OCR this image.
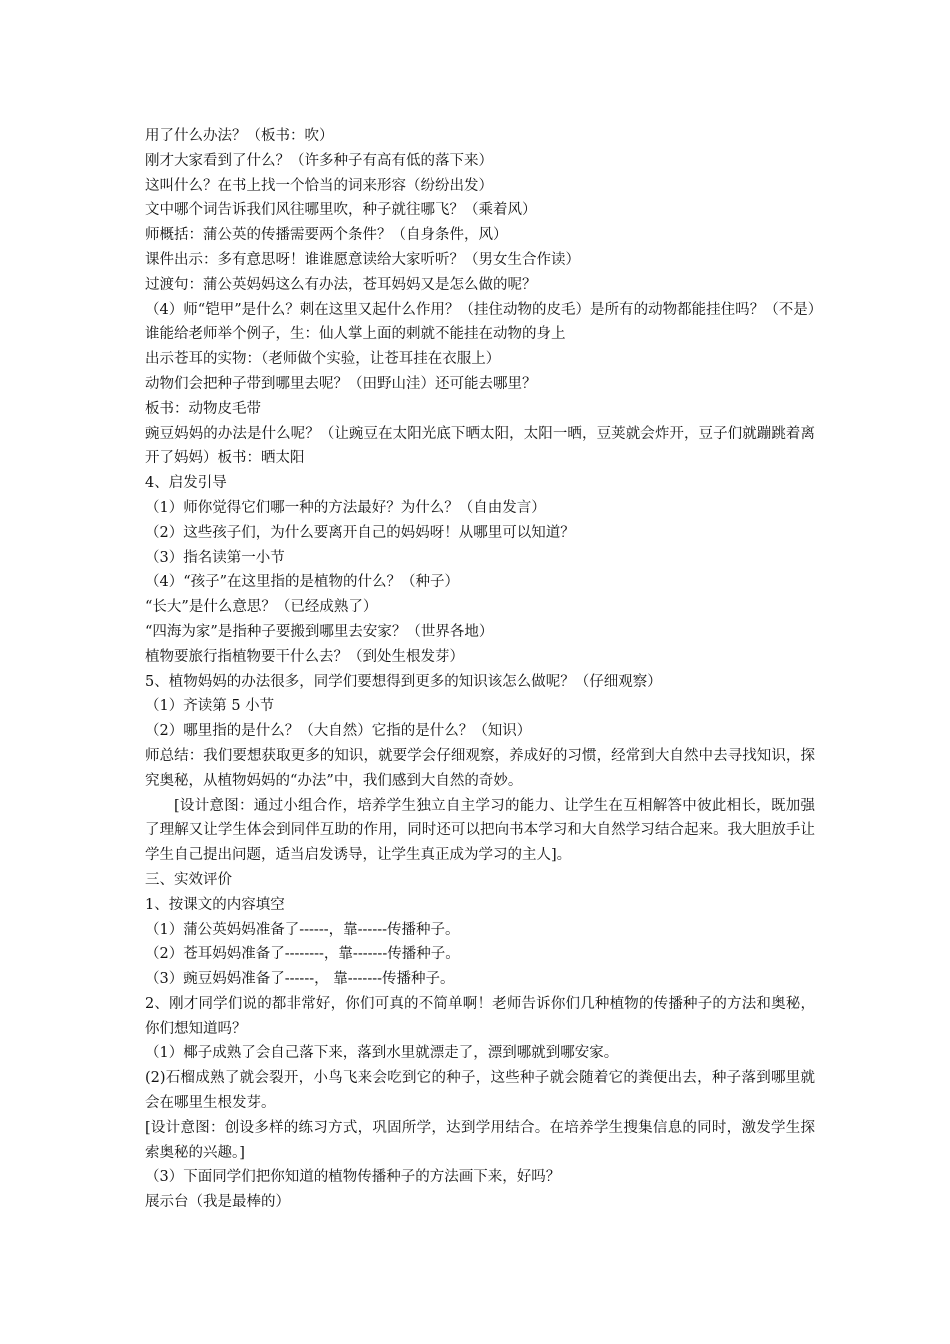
用了什么办法？（板书：吹）
刚才大家看到了什么？（许多种子有高有低的落下来）
这叫什么？在书上找一个恰当的词来形容（纷纷出发）
文中哪个词告诉我们风往哪里吹，种子就往哪飞？（乘着风）
师概括：蒲公英的传播需要两个条件？（自身条件，风）
课件出示：多有意思呀！谁谁愿意读给大家听听？（男女生合作读）
过渡句：蒲公英妈妈这么有办法，苍耳妈妈又是怎么做的呢？
（4）师“铠甲”是什么？刺在这里又起什么作用？（挂住动物的皮毛）是所有的动物都能挂住吗？（不是）谁能给老师举个例子，生：仙人掌上面的刺就不能挂在动物的身上
出示苍耳的实物：（老师做个实验，让苍耳挂在衣服上）
动物们会把种子带到哪里去呢？（田野山洼）还可能去哪里？
板书：动物皮毛带
豌豆妈妈的办法是什么呢？（让豌豆在太阳光底下晒太阳，太阳一晒，豆荚就会炸开，豆子们就蹦跳着离开了妈妈）板书：晒太阳
4、启发引导
（1）师你觉得它们哪一种的方法最好？为什么？（自由发言）
（2）这些孩子们，为什么要离开自己的妈妈呀！从哪里可以知道？
（3）指名读第一小节
（4）“孩子”在这里指的是植物的什么？（种子）
“长大”是什么意思？（已经成熟了）
“四海为家”是指种子要搬到哪里去安家？（世界各地）
植物要旅行指植物要干什么去？（到处生根发芽）
5、植物妈妈的办法很多，同学们要想得到更多的知识该怎么做呢？（仔细观察）
（1）齐读第 5 小节
（2）哪里指的是什么？（大自然）它指的是什么？（知识）
师总结：我们要想获取更多的知识，就要学会仔细观察，养成好的习惯，经常到大自然中去寻找知识，探究奥秘，从植物妈妈的“办法”中，我们感到大自然的奇妙。
[设计意图：通过小组合作，培养学生独立自主学习的能力、让学生在互相解答中彼此相长，既加强了理解又让学生体会到同伴互助的作用，同时还可以把向书本学习和大自然学习结合起来。我大胆放手让学生自己提出问题，适当启发诱导，让学生真正成为学习的主人]。
三、实效评价
1、按课文的内容填空
（1）蒲公英妈妈准备了------，靠------传播种子。
（2）苍耳妈妈准备了--------，靠-------传播种子。
（3）豌豆妈妈准备了------， 靠-------传播种子。
2、刚才同学们说的都非常好，你们可真的不简单啊！老师告诉你们几种植物的传播种子的方法和奥秘，你们想知道吗？
（1）椰子成熟了会自己落下来，落到水里就漂走了，漂到哪就到哪安家。
(2)石榴成熟了就会裂开，小鸟飞来会吃到它的种子，这些种子就会随着它的粪便出去，种子落到哪里就会在哪里生根发芽。
[设计意图：创设多样的练习方式，巩固所学，达到学用结合。在培养学生搜集信息的同时，激发学生探索奥秘的兴趣。]
（3）下面同学们把你知道的植物传播种子的方法画下来，好吗？
展示台（我是最棒的）
